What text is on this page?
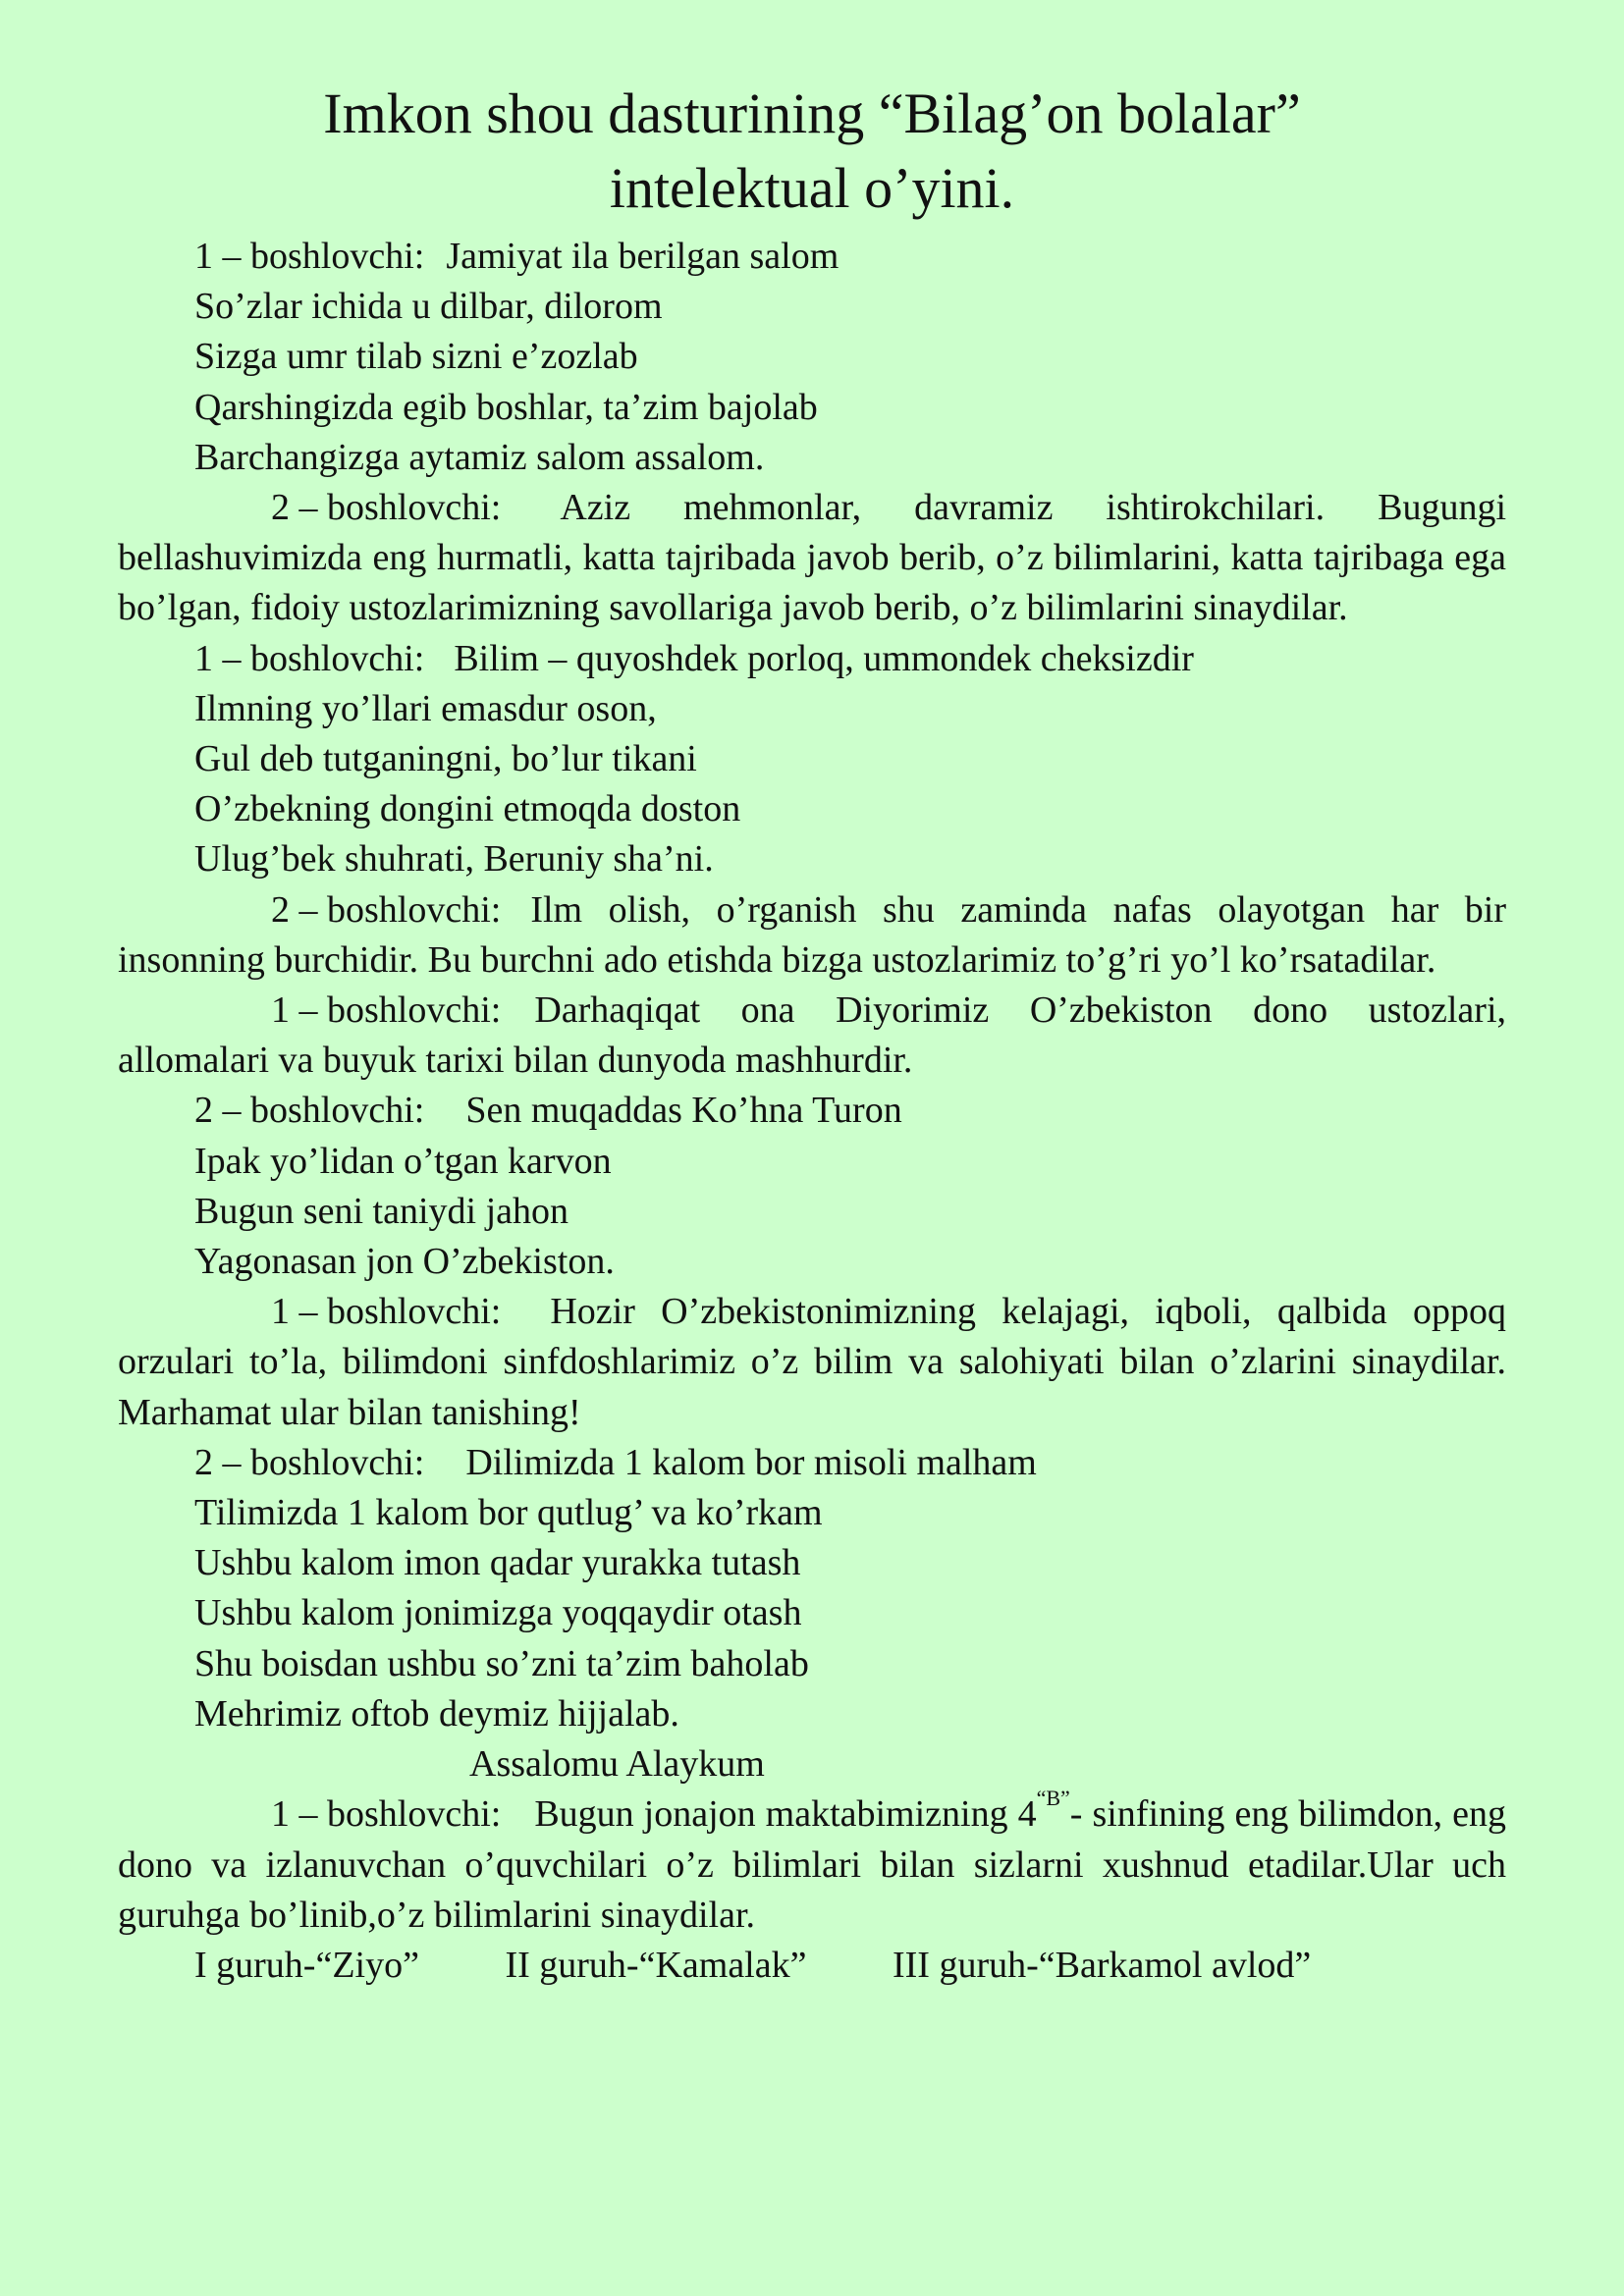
Imkon shou dasturining “Bilag’on bolalar”
intelektual o’yini.
1 – boshlovchi: Jamiyat ila berilgan salom
So’zlar ichida u dilbar, dilorom
Sizga umr tilab sizni e’zozlab
Qarshingizda egib boshlar, ta’zim bajolab
Barchangizga aytamiz salom assalom.
2 – boshlovchi: Aziz mehmonlar, davramiz ishtirokchilari. Bugungi bellashuvimizda eng hurmatli, katta tajribada javob berib, o’z bilimlarini, katta tajribaga ega bo’lgan, fidoiy ustozlarimizning savollariga javob berib, o’z bilimlarini sinaydilar.
1 – boshlovchi: Bilim – quyoshdek porloq, ummondek cheksizdir
Ilmning yo’llari emasdur oson,
Gul deb tutganingni, bo’lur tikani
O’zbekning dongini etmoqda doston
Ulug’bek shuhrati, Beruniy sha’ni.
2 – boshlovchi: Ilm olish, o’rganish shu zaminda nafas olayotgan har bir insonning burchidir. Bu burchni ado etishda bizga ustozlarimiz to’g’ri yo’l ko’rsatadilar.
1 – boshlovchi: Darhaqiqat ona Diyorimiz O’zbekiston dono ustozlari, allomalari va buyuk tarixi bilan dunyoda mashhurdir.
2 – boshlovchi: Sen muqaddas Ko’hna Turon
Ipak yo’lidan o’tgan karvon
Bugun seni taniydi jahon
Yagonasan jon O’zbekiston.
1 – boshlovchi: Hozir O’zbekistonimizning kelajagi, iqboli, qalbida oppoq orzulari to’la, bilimdoni sinfdoshlarimiz o’z bilim va salohiyati bilan o’zlarini sinaydilar. Marhamat ular bilan tanishing!
2 – boshlovchi: Dilimizda 1 kalom bor misoli malham
Tilimizda 1 kalom bor qutlug’ va ko’rkam
Ushbu kalom imon qadar yurakka tutash
Ushbu kalom jonimizga yoqqaydir otash
Shu boisdan ushbu so’zni ta’zim baholab
Mehrimiz oftob deymiz hijjalab.
Assalomu Alaykum
1 – boshlovchi: Bugun jonajon maktabimizning $4^{“B”}-$ sinfining eng bilimdon, eng dono va izlanuvchan o’quvchilari o’z bilimlari bilan sizlarni xushnud etadilar.Ular uch guruhga bo’linib,o’z bilimlarini sinaydilar.
I guruh-“Ziyo” II guruh-“Kamalak” III guruh-“Barkamol avlod”
